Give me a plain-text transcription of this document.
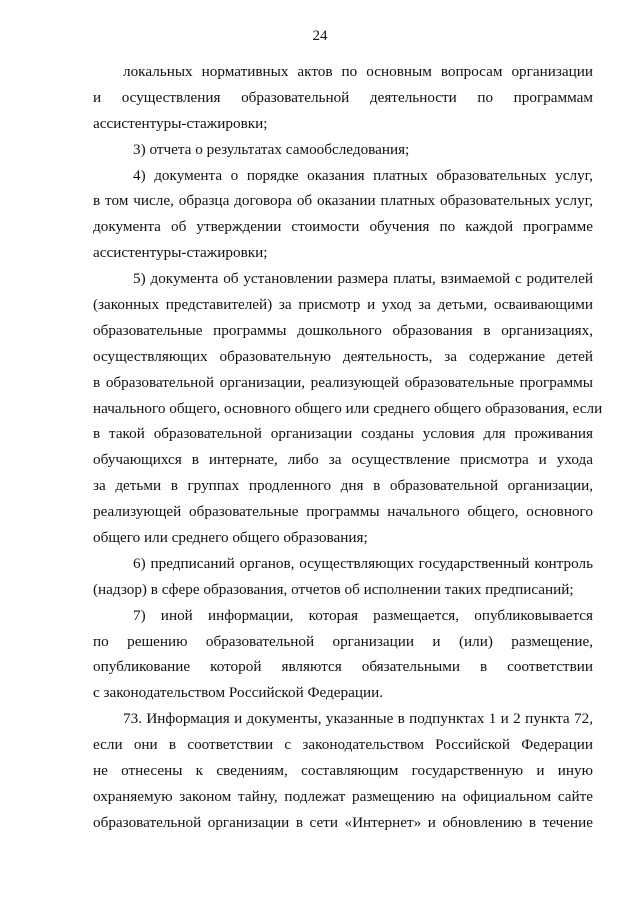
24
локальных нормативных актов по основным вопросам организации
и осуществления образовательной деятельности по программам
ассистентуры-стажировки;
3) отчета о результатах самообследования;
4) документа о порядке оказания платных образовательных услуг,
в том числе, образца договора об оказании платных образовательных услуг,
документа об утверждении стоимости обучения по каждой программе
ассистентуры-стажировки;
5) документа об установлении размера платы, взимаемой с родителей
(законных представителей) за присмотр и уход за детьми, осваивающими
образовательные программы дошкольного образования в организациях,
осуществляющих образовательную деятельность, за содержание детей
в образовательной организации, реализующей образовательные программы
начального общего, основного общего или среднего общего образования, если
в такой образовательной организации созданы условия для проживания
обучающихся в интернате, либо за осуществление присмотра и ухода
за детьми в группах продленного дня в образовательной организации,
реализующей образовательные программы начального общего, основного
общего или среднего общего образования;
6) предписаний органов, осуществляющих государственный контроль
(надзор) в сфере образования, отчетов об исполнении таких предписаний;
7) иной информации, которая размещается, опубликовывается
по решению образовательной организации и (или) размещение,
опубликование которой являются обязательными в соответствии
с законодательством Российской Федерации.
73. Информация и документы, указанные в подпунктах 1 и 2 пункта 72,
если они в соответствии с законодательством Российской Федерации
не отнесены к сведениям, составляющим государственную и иную
охраняемую законом тайну, подлежат размещению на официальном сайте
образовательной организации в сети «Интернет» и обновлению в течение
